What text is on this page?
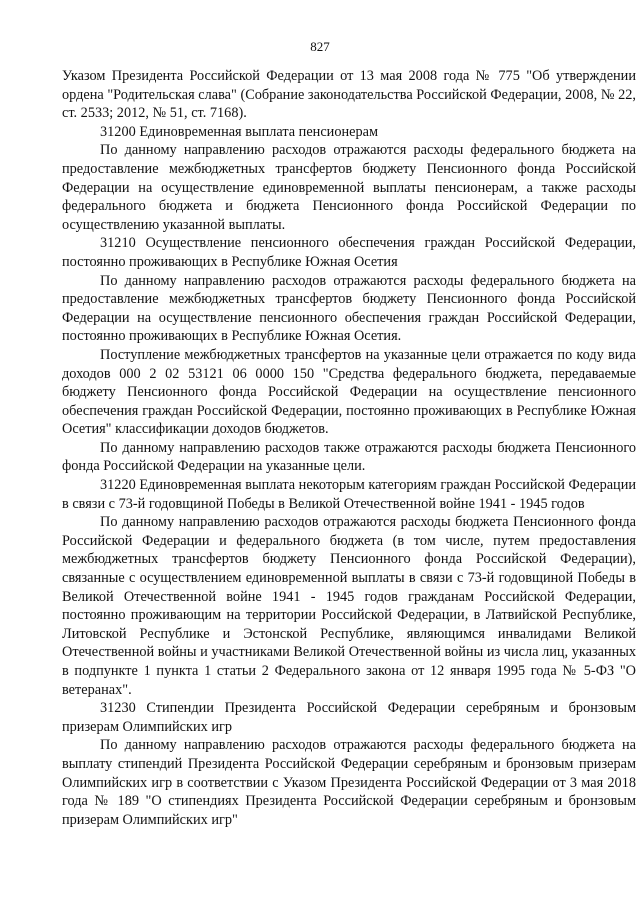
827

Указом Президента Российской Федерации от 13 мая 2008 года № 775 "Об утверждении ордена "Родительская слава" (Собрание законодательства Российской Федерации, 2008, № 22, ст. 2533; 2012, № 51, ст. 7168).

31200 Единовременная выплата пенсионерам

По данному направлению расходов отражаются расходы федерального бюджета на предоставление межбюджетных трансфертов бюджету Пенсионного фонда Российской Федерации на осуществление единовременной выплаты пенсионерам, а также расходы федерального бюджета и бюджета Пенсионного фонда Российской Федерации по осуществлению указанной выплаты.

31210 Осуществление пенсионного обеспечения граждан Российской Федерации, постоянно проживающих в Республике Южная Осетия

По данному направлению расходов отражаются расходы федерального бюджета на предоставление межбюджетных трансфертов бюджету Пенсионного фонда Российской Федерации на осуществление пенсионного обеспечения граждан Российской Федерации, постоянно проживающих в Республике Южная Осетия.

Поступление межбюджетных трансфертов на указанные цели отражается по коду вида доходов 000 2 02 53121 06 0000 150 "Средства федерального бюджета, передаваемые бюджету Пенсионного фонда Российской Федерации на осуществление пенсионного обеспечения граждан Российской Федерации, постоянно проживающих в Республике Южная Осетия" классификации доходов бюджетов.

По данному направлению расходов также отражаются расходы бюджета Пенсионного фонда Российской Федерации на указанные цели.

31220 Единовременная выплата некоторым категориям граждан Российской Федерации в связи с 73-й годовщиной Победы в Великой Отечественной войне 1941 - 1945 годов

По данному направлению расходов отражаются расходы бюджета Пенсионного фонда Российской Федерации и федерального бюджета (в том числе, путем предоставления межбюджетных трансфертов бюджету Пенсионного фонда Российской Федерации), связанные с осуществлением единовременной выплаты в связи с 73-й годовщиной Победы в Великой Отечественной войне 1941 - 1945 годов гражданам Российской Федерации, постоянно проживающим на территории Российской Федерации, в Латвийской Республике, Литовской Республике и Эстонской Республике, являющимся инвалидами Великой Отечественной войны и участниками Великой Отечественной войны из числа лиц, указанных в подпункте 1 пункта 1 статьи 2 Федерального закона от 12 января 1995 года № 5-ФЗ "О ветеранах".

31230 Стипендии Президента Российской Федерации серебряным и бронзовым призерам Олимпийских игр

По данному направлению расходов отражаются расходы федерального бюджета на выплату стипендий Президента Российской Федерации серебряным и бронзовым призерам Олимпийских игр в соответствии с Указом Президента Российской Федерации от 3 мая 2018 года № 189 "О стипендиях Президента Российской Федерации серебряным и бронзовым призерам Олимпийских игр"
